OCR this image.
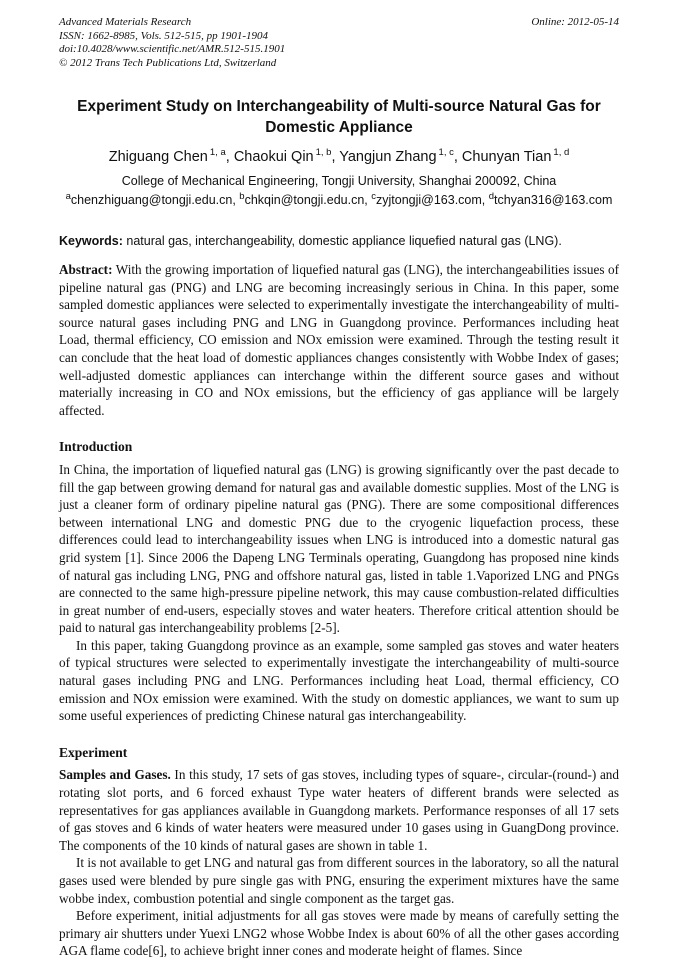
Advanced Materials Research
ISSN: 1662-8985, Vols. 512-515, pp 1901-1904
doi:10.4028/www.scientific.net/AMR.512-515.1901
© 2012 Trans Tech Publications Ltd, Switzerland
Online: 2012-05-14
Experiment Study on Interchangeability of Multi-source Natural Gas for Domestic Appliance
Zhiguang Chen $^{1, a}$, Chaokui Qin $^{1, b}$, Yangjun Zhang $^{1, c}$, Chunyan Tian $^{1, d}$
College of Mechanical Engineering, Tongji University, Shanghai 200092, China
$^a$chenzhiguang@tongji.edu.cn, $^b$chkqin@tongji.edu.cn, $^c$zyjtongji@163.com, $^d$tchyan316@163.com
Keywords: natural gas, interchangeability, domestic appliance liquefied natural gas (LNG).

Abstract: With the growing importation of liquefied natural gas (LNG), the interchangeabilities issues of pipeline natural gas (PNG) and LNG are becoming increasingly serious in China. In this paper, some sampled domestic appliances were selected to experimentally investigate the interchangeability of multi-source natural gases including PNG and LNG in Guangdong province. Performances including heat Load, thermal efficiency, CO emission and NOx emission were examined. Through the testing result it can conclude that the heat load of domestic appliances changes consistently with Wobbe Index of gases; well-adjusted domestic appliances can interchange within the different source gases and without materially increasing in CO and NOx emissions, but the efficiency of gas appliance will be largely affected.

Introduction

In China, the importation of liquefied natural gas (LNG) is growing significantly over the past decade to fill the gap between growing demand for natural gas and available domestic supplies. Most of the LNG is just a cleaner form of ordinary pipeline natural gas (PNG). There are some compositional differences between international LNG and domestic PNG due to the cryogenic liquefaction process, these differences could lead to interchangeability issues when LNG is introduced into a domestic natural gas grid system [1]. Since 2006 the Dapeng LNG Terminals operating, Guangdong has proposed nine kinds of natural gas including LNG, PNG and offshore natural gas, listed in table 1.Vaporized LNG and PNGs are connected to the same high-pressure pipeline network, this may cause combustion-related difficulties in great number of end-users, especially stoves and water heaters. Therefore critical attention should be paid to natural gas interchangeability problems [2-5].

In this paper, taking Guangdong province as an example, some sampled gas stoves and water heaters of typical structures were selected to experimentally investigate the interchangeability of multi-source natural gases including PNG and LNG. Performances including heat Load, thermal efficiency, CO emission and NOx emission were examined. With the study on domestic appliances, we want to sum up some useful experiences of predicting Chinese natural gas interchangeability.

Experiment

Samples and Gases. In this study, 17 sets of gas stoves, including types of square-, circular-(round-) and rotating slot ports, and 6 forced exhaust Type water heaters of different brands were selected as representatives for gas appliances available in Guangdong markets. Performance responses of all 17 sets of gas stoves and 6 kinds of water heaters were measured under 10 gases using in GuangDong province. The components of the 10 kinds of natural gases are shown in table 1.

It is not available to get LNG and natural gas from different sources in the laboratory, so all the natural gases used were blended by pure single gas with PNG, ensuring the experiment mixtures have the same wobbe index, combustion potential and single component as the target gas.

Before experiment, initial adjustments for all gas stoves were made by means of carefully setting the primary air shutters under Yuexi LNG2 whose Wobbe Index is about 60% of all the other gases according AGA flame code[6], to achieve bright inner cones and moderate height of flames. Since
